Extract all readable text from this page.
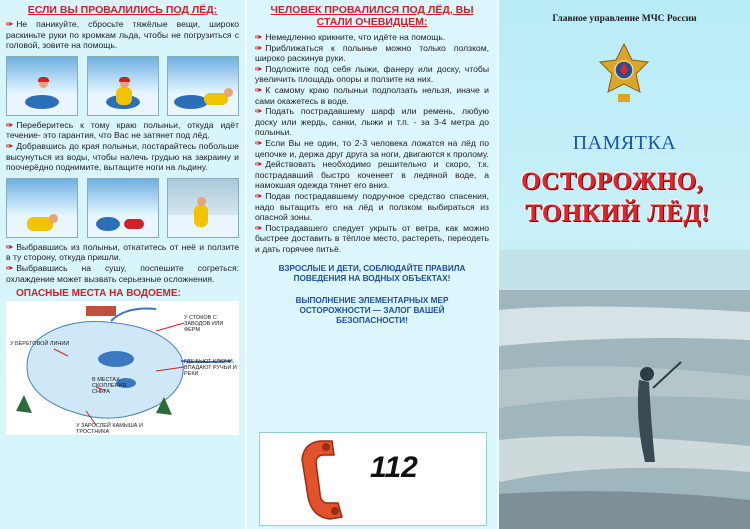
ЕСЛИ ВЫ ПРОВАЛИЛИСЬ ПОД ЛЁД:

✑ Не паникуйте, сбросьте тяжёлые вещи, широко раскиньте руки по кромкам льда, чтобы не погрузиться с головой, зовите на помощь.

✑ Переберитесь к тому краю полыньи, откуда идёт течение- это гарантия, что Вас не затянет под лёд.

✑ Добравшись до края полыньи, постарайтесь побольше высунуться из воды, чтобы налечь грудью на закраину и поочерёдно поднимите, вытащите ноги на льдину.

✑ Выбравшись из полыньи, откатитесь от неё и ползите в ту сторону, откуда пришли.

✑ Выбравшись на сушу, поспешите согреться: охлаждение может вызвать серьезные осложнения.

ОПАСНЫЕ МЕСТА НА ВОДОЕМЕ:
У СТОКОВ С ЗАВОДОВ ИЛИ ФЕРМ
У БЕРЕГОВОЙ ЛИНИИ
ГДЕ БЬЮТ КЛЮЧИ, ВПАДАЮТ РУЧЬИ И РЕКИ
В МЕСТАХ СКОПЛЕНИЯ СНЕГА
У ЗАРОСЛЕЙ КАМЫША И ТРОСТНИКА
ЧЕЛОВЕК ПРОВАЛИЛСЯ ПОД ЛЁД, ВЫ СТАЛИ ОЧЕВИДЦЕМ:

✑ Немедленно крикните, что идёте на помощь.

✑ Приближаться к полынье можно только ползком, широко раскинув руки.

✑ Подложите под себя лыжи, фанеру или доску, чтобы увеличить площадь опоры и ползите на них.

✑ К самому краю полыньи подползать нельзя, иначе и сами окажетесь в воде.

✑ Подать пострадавшему шарф или ремень, любую доску или жердь, санки, лыжи и т.п. - за 3-4 метра до полыньи.

✑ Если Вы не один, то 2-3 человека ложатся на лёд по цепочке и, держа друг друга за ноги, двигаются к пролому.

✑ Действовать необходимо решительно и скоро, т.к. пострадавший быстро коченеет в ледяной воде, а намокшая одежда тянет его вниз.

✑ Подав пострадавшему подручное средство спасения, надо вытащить его на лёд и ползком выбираться из опасной зоны.

✑ Пострадавшего следует укрыть от ветра, как можно быстрее доставить в тёплое место, растереть, переодеть и дать горячее питьё.

ВЗРОСЛЫЕ И ДЕТИ, СОБЛЮДАЙТЕ ПРАВИЛА ПОВЕДЕНИЯ НА ВОДНЫХ ОБЪЕКТАХ!

ВЫПОЛНЕНИЕ ЭЛЕМЕНТАРНЫХ МЕР ОСТОРОЖНОСТИ — ЗАЛОГ ВАШЕЙ БЕЗОПАСНОСТИ!

112
Главное управление МЧС России
ПАМЯТКА
ОСТОРОЖНО,
ТОНКИЙ ЛЁД!
